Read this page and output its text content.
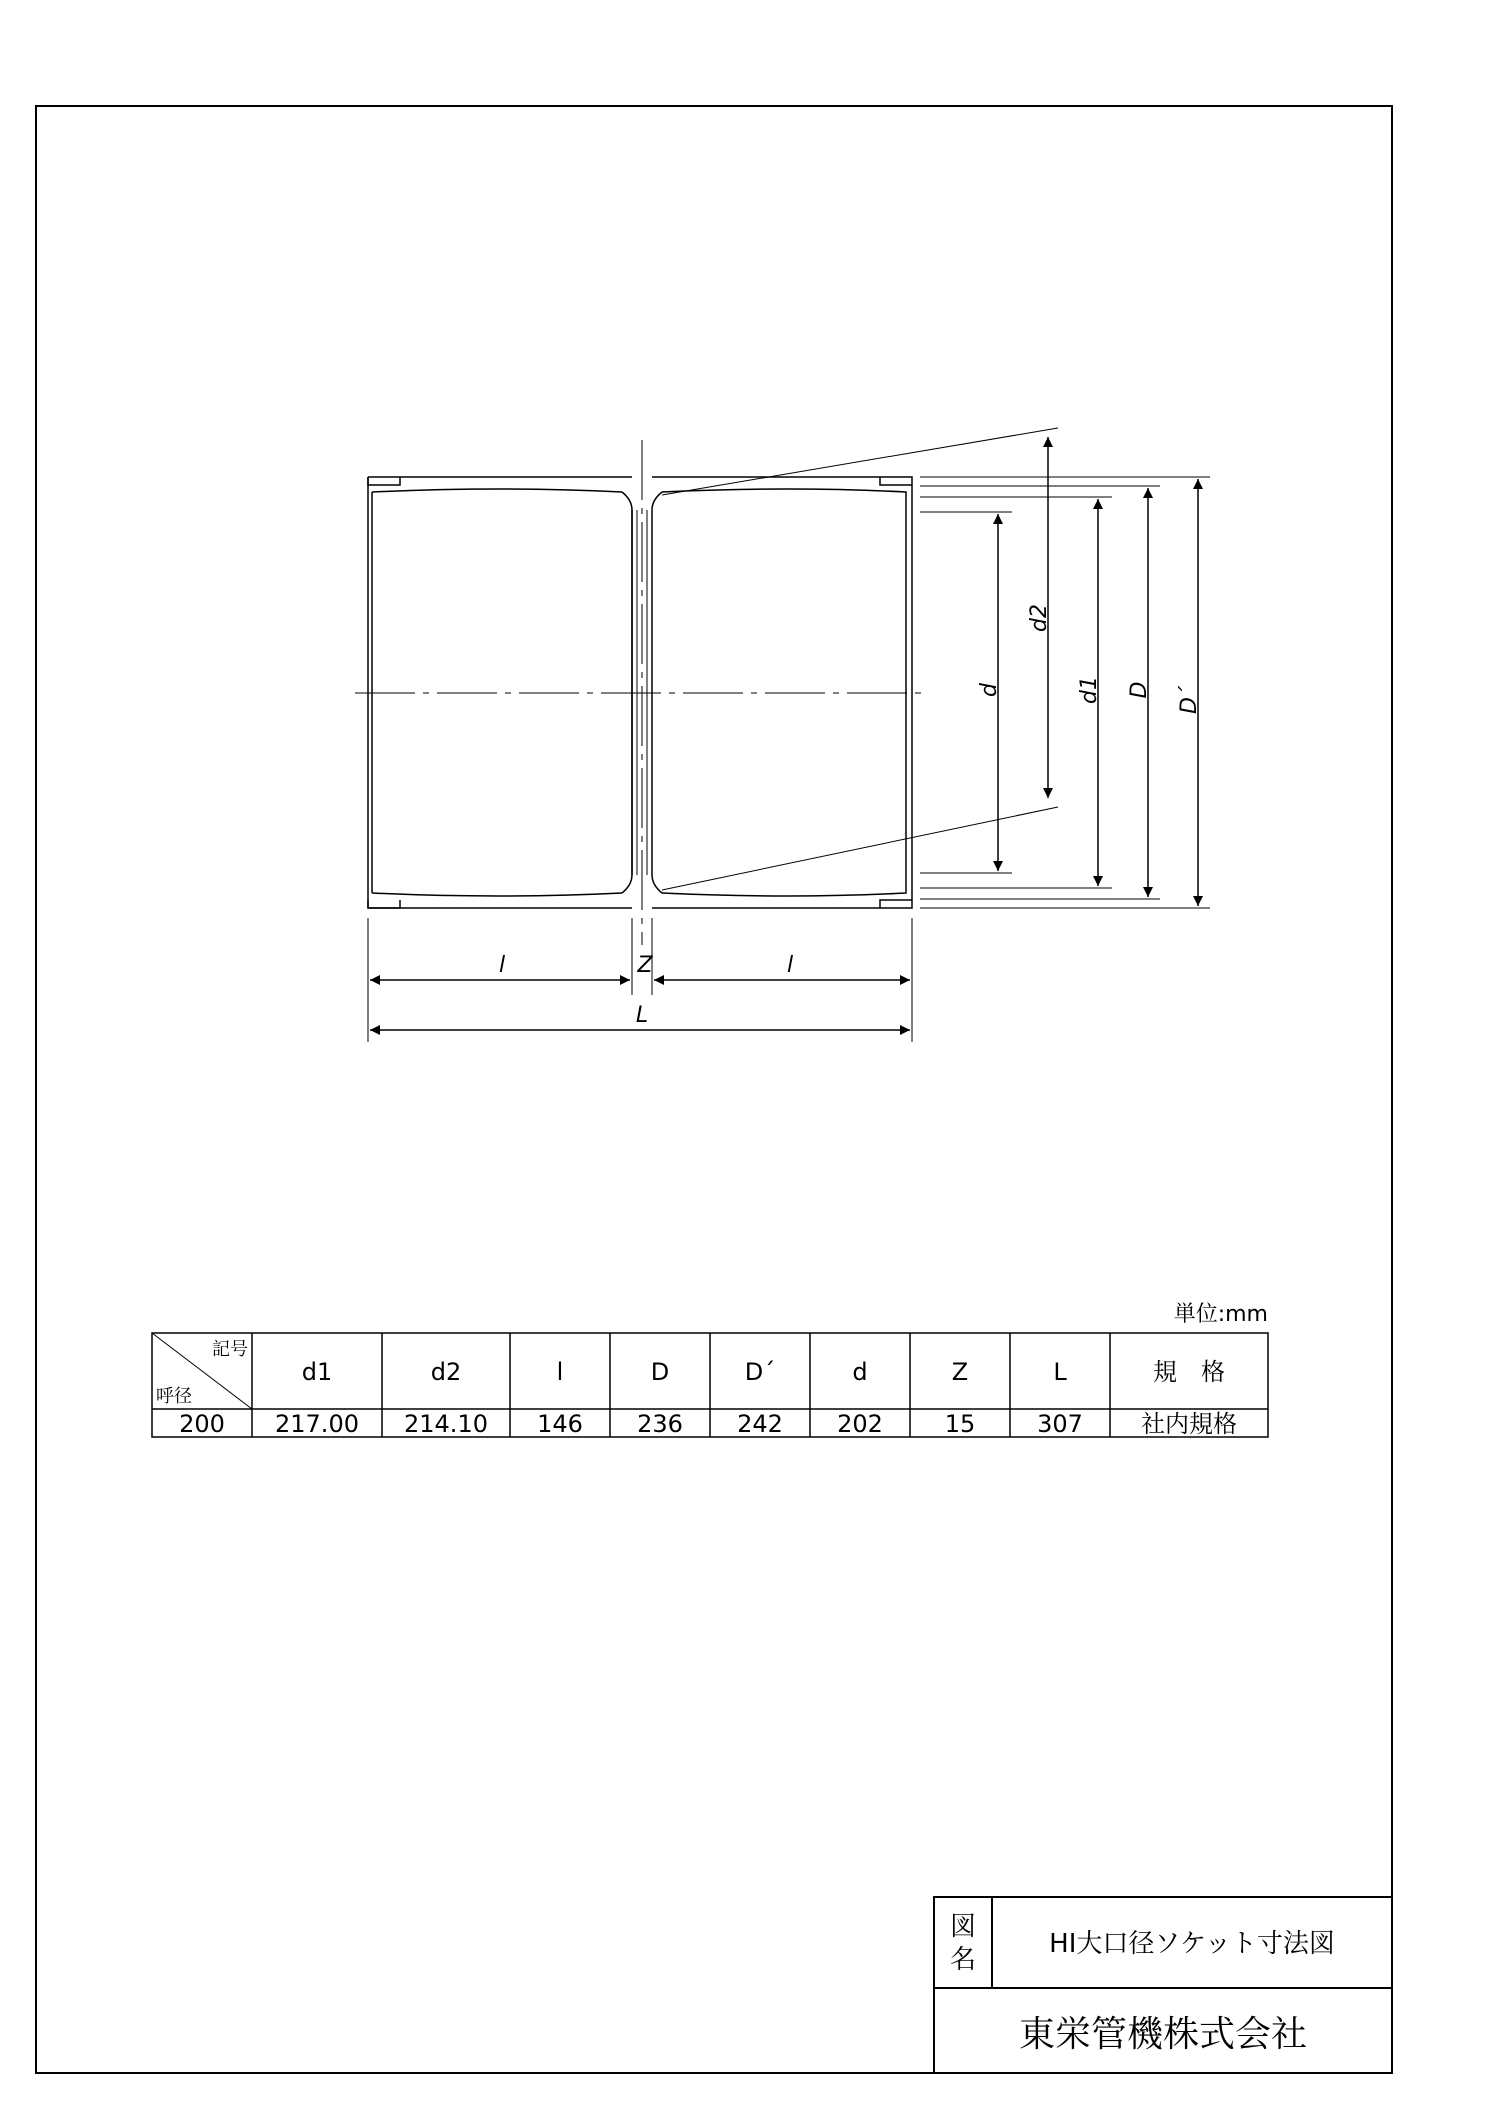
d
d2
d1 D D´
l	Z	l
L
単位:mm
記号
呼径
d1	d2	l	D	D´	d	Z	L	規　格
200 217.00 214.10 146 236 242 202	15	307 社内規格
図
名
HI大口径ソケット寸法図
東栄管機株式会社
